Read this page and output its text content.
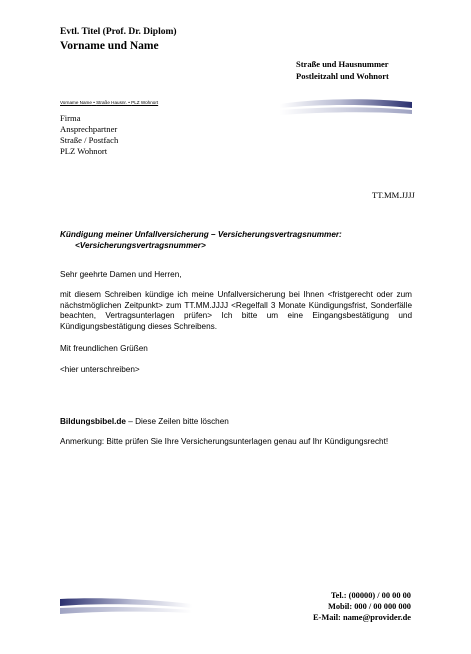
Evtl. Titel (Prof. Dr. Diplom)
Vorname und Name
Straße und Hausnummer
Postleitzahl und Wohnort
Vorname Name • Straße Hausnr. • PLZ Wohnort
Firma
Ansprechpartner
Straße / Postfach
PLZ Wohnort
TT.MM.JJJJ
Kündigung meiner Unfallversicherung – Versicherungsvertragsnummer:
<Versicherungsvertragsnummer>
Sehr geehrte Damen und Herren,
mit diesem Schreiben kündige ich meine Unfallversicherung bei Ihnen <fristgerecht oder zum nächstmöglichen Zeitpunkt> zum TT.MM.JJJJ <Regelfall 3 Monate Kündigungsfrist, Sonderfälle beachten, Vertragsunterlagen prüfen> Ich bitte um eine Eingangsbestätigung und Kündigungsbestätigung dieses Schreibens.
Mit freundlichen Grüßen
<hier unterschreiben>
Bildungsbibel.de – Diese Zeilen bitte löschen
Anmerkung: Bitte prüfen Sie Ihre Versicherungsunterlagen genau auf Ihr Kündigungsrecht!
Tel.: (00000) / 00 00 00
Mobil: 000 / 00 000 000
E-Mail: name@provider.de
